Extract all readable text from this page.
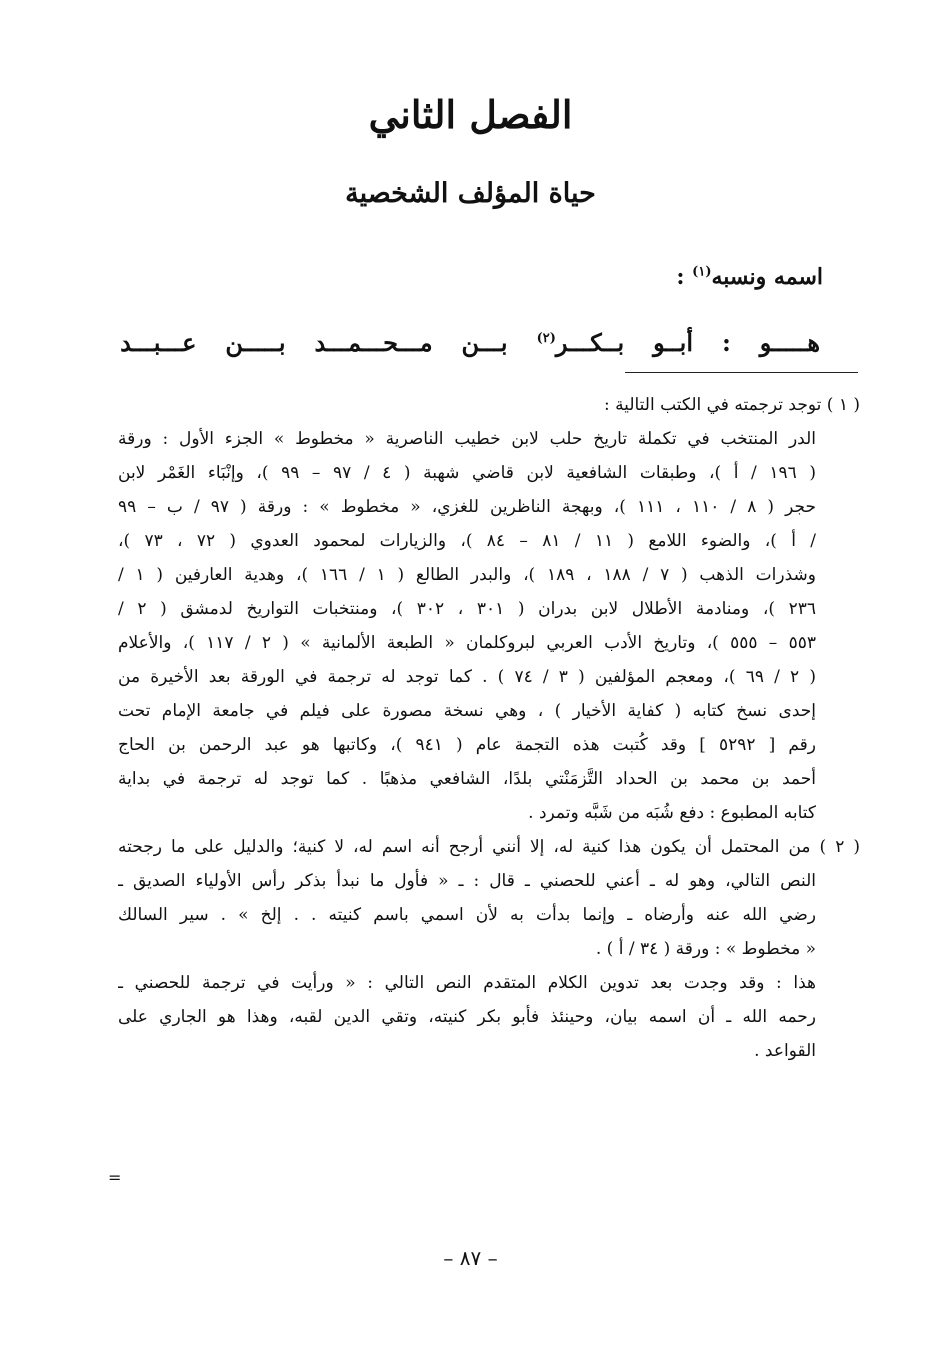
الفصل الثاني
حياة المؤلف الشخصية
اسمه ونسبه$^{(١)}$ :
هـــــو
:
أبــو
بــكـــر(٢)
بـــن
مـــحـــمـــد
بـــــن
عـــبـــد
( ١ ) توجد ترجمته في الكتب التالية :
الدر المنتخب في تكملة تاريخ حلب لابن خطيب الناصرية « مخطوط » الجزء الأول : ورقة
( ١٩٦ / أ )، وطبقات الشافعية لابن قاضي شهبة ( ٤ / ٩٧ – ٩٩ )، وإنْبَاء الغَمْر لابن
حجر ( ٨ / ١١٠ ، ١١١ )، وبهجة الناظرين للغزي، « مخطوط » : ورقة ( ٩٧ / ب – ٩٩
/ أ )، والضوء اللامع ( ١١ / ٨١ – ٨٤ )، والزيارات لمحمود العدوي ( ٧٢ ، ٧٣ )،
وشذرات الذهب ( ٧ / ١٨٨ ، ١٨٩ )، والبدر الطالع ( ١ / ١٦٦ )، وهدية العارفين ( ١ /
٢٣٦ )، ومنادمة الأطلال لابن بدران ( ٣٠١ ، ٣٠٢ )، ومنتخبات التواريخ لدمشق ( ٢ /
٥٥٣ – ٥٥٥ )، وتاريخ الأدب العربي لبروكلمان « الطبعة الألمانية » ( ٢ / ١١٧ )، والأعلام
( ٢ / ٦٩ )، ومعجم المؤلفين ( ٣ / ٧٤ ) . كما توجد له ترجمة في الورقة بعد الأخيرة من
إحدى نسخ كتابه ( كفاية الأخيار ) ، وهي نسخة مصورة على فيلم في جامعة الإمام تحت
رقم [ ٥٢٩٢ ] وقد كُتبت هذه التجمة عام ( ٩٤١ )، وكاتبها هو عبد الرحمن بن الحاج
أحمد بن محمد بن الحداد التَّزمَنْتي بلدًا، الشافعي مذهبًا . كما توجد له ترجمة في بداية
كتابه المطبوع : دفع شُبَه من شَبَّه وتمرد .
( ٢ ) من المحتمل أن يكون هذا كنية له، إلا أنني أرجح أنه اسم له، لا كنية؛ والدليل على ما رجحته
النص التالي، وهو له ـ أعني للحصني ـ قال : ـ « فأول ما نبدأ بذكر رأس الأولياء الصديق ـ
رضي الله عنه وأرضاه ـ وإنما بدأت به لأن اسمي باسم كنيته . . إلخ » . سير السالك
« مخطوط » : ورقة ( ٣٤ / أ ) .
هذا : وقد وجدت بعد تدوين الكلام المتقدم النص التالي : « ورأيت في ترجمة للحصني ـ
رحمه الله ـ أن اسمه بيان، وحينئذ فأبو بكر كنيته، وتقي الدين لقبه، وهذا هو الجاري على
القواعد .
=
– ٨٧ –
